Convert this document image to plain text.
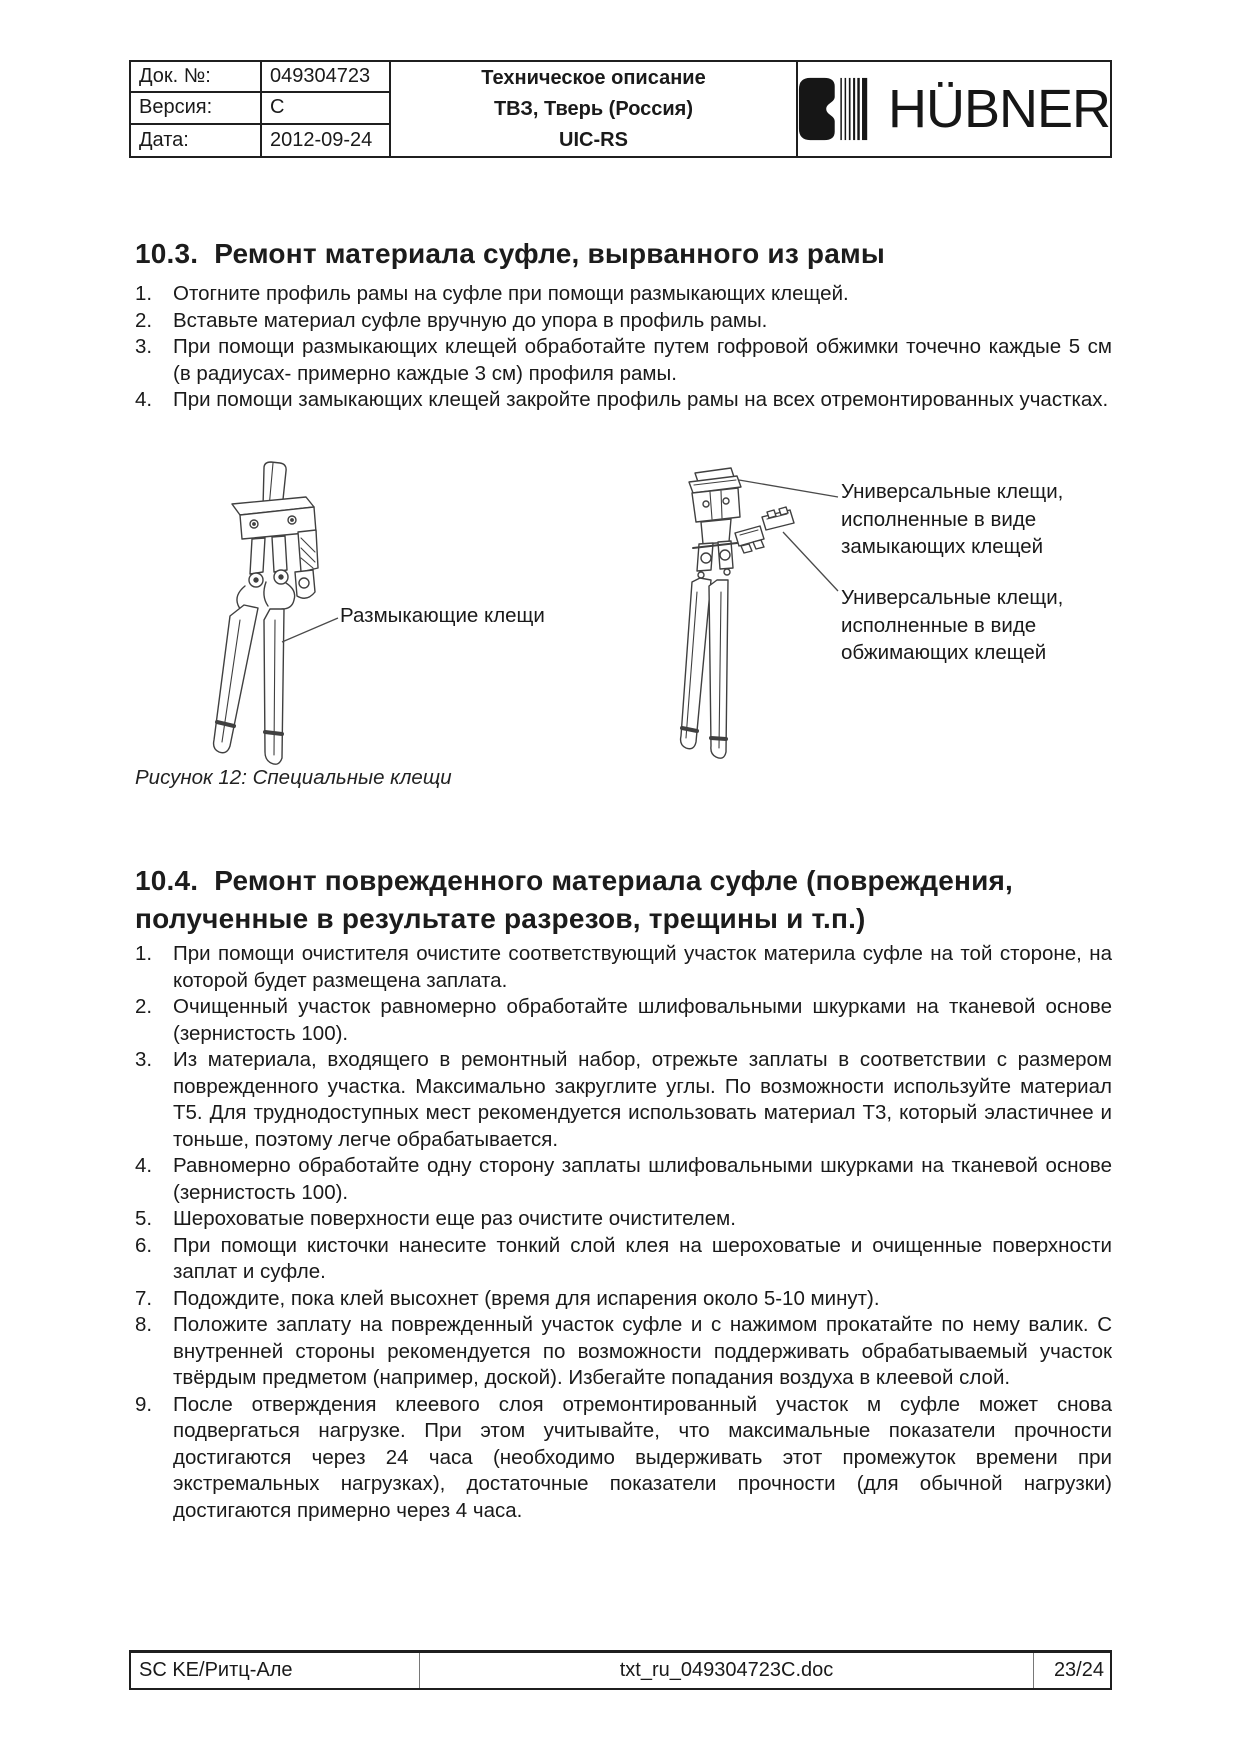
Док. №:	049304723
Версия:	C
Дата:	2012-09-24
Техническое описание
ТВЗ, Тверь (Россия)
UIC-RS
HÜBNER
10.3. Ремонт материала суфле, вырванного из рамы
1.	Отогните профиль рамы на суфле при помощи размыкающих клещей.
2.	Вставьте материал суфле вручную до упора в профиль рамы.
3.	При помощи размыкающих клещей обработайте путем гофровой обжимки точечно каждые 5 см (в радиусах- примерно каждые 3 см) профиля рамы.
4.	При помощи замыкающих клещей закройте профиль рамы на всех отремонтированных участках.
Размыкающие клещи
Универсальные клещи, исполненные в виде замыкающих клещей
Универсальные клещи, исполненные в виде обжимающих клещей
Рисунок 12: Специальные клещи
10.4. Ремонт поврежденного материала суфле (повреждения, полученные в результате разрезов, трещины и т.п.)
1.	При помощи очистителя очистите соответствующий участок материла суфле на той стороне, на которой будет размещена заплата.
2.	Очищенный участок равномерно обработайте шлифовальными шкурками на тканевой основе (зернистость 100).
3.	Из материала, входящего в ремонтный набор, отрежьте заплаты в соответствии с размером поврежденного участка. Максимально закруглите углы. По возможности используйте материал Т5. Для труднодоступных мест рекомендуется использовать материал Т3, который эластичнее и тоньше, поэтому легче обрабатывается.
4.	Равномерно обработайте одну сторону заплаты шлифовальными шкурками на тканевой основе (зернистость 100).
5.	Шероховатые поверхности еще раз очистите очистителем.
6.	При помощи кисточки нанесите тонкий слой клея на шероховатые и очищенные поверхности заплат и суфле.
7.	Подождите, пока клей высохнет (время для испарения около 5-10 минут).
8.	Положите заплату на поврежденный участок суфле и с нажимом прокатайте по нему валик. С внутренней стороны рекомендуется по возможности поддерживать обрабатываемый участок твёрдым предметом (например, доской). Избегайте попадания воздуха в клеевой слой.
9.	После отверждения клеевого слоя отремонтированный участок м суфле может снова подвергаться нагрузке. При этом учитывайте, что максимальные показатели прочности достигаются через 24 часа (необходимо выдерживать этот промежуток времени при экстремальных нагрузках), достаточные показатели прочности (для обычной нагрузки) достигаются примерно через 4 часа.
SC KE/Ритц-Але	txt_ru_049304723C.doc	23/24
